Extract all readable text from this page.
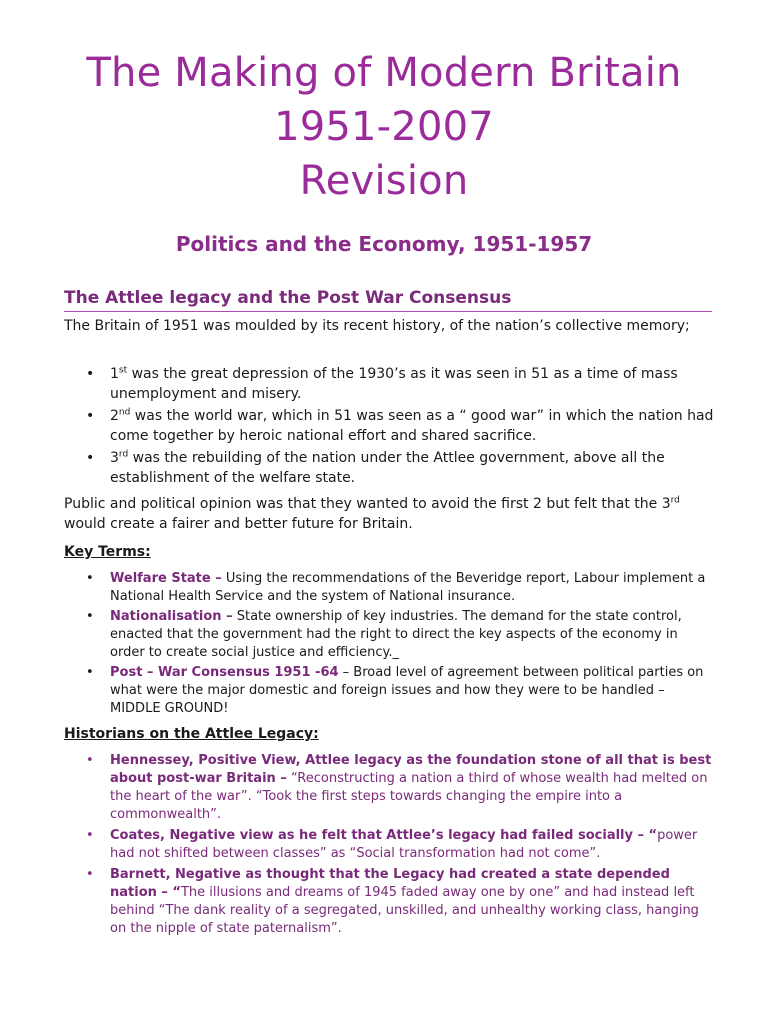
The Making of Modern Britain
1951-2007
Revision
Politics and the Economy, 1951-1957
The Attlee legacy and the Post War Consensus
The Britain of 1951 was moulded by its recent history, of the nation’s collective memory;
• 1st was the great depression of the 1930’s as it was seen in 51 as a time of mass unemployment and misery.
• 2nd was the world war, which in 51 was seen as a “ good war” in which the nation had come together by heroic national effort and shared sacrifice.
• 3rd was the rebuilding of the nation under the Attlee government, above all the establishment of the welfare state.
Public and political opinion was that they wanted to avoid the first 2 but felt that the 3rd would create a fairer and better future for Britain.
Key Terms:
• Welfare State – Using the recommendations of the Beveridge report, Labour implement a National Health Service and the system of National insurance.
• Nationalisation – State ownership of key industries. The demand for the state control, enacted that the government had the right to direct the key aspects of the economy in order to create social justice and efficiency._
• Post – War Consensus 1951 -64 – Broad level of agreement between political parties on what were the major domestic and foreign issues and how they were to be handled – MIDDLE GROUND!
Historians on the Attlee Legacy:
• Hennessey, Positive View, Attlee legacy as the foundation stone of all that is best about post-war Britain – “Reconstructing a nation a third of whose wealth had melted on the heart of the war”. “Took the first steps towards changing the empire into a commonwealth”.
• Coates, Negative view as he felt that Attlee’s legacy had failed socially – “power had not shifted between classes” as “Social transformation had not come”.
• Barnett, Negative as thought that the Legacy had created a state depended nation – “The illusions and dreams of 1945 faded away one by one” and had instead left behind “The dank reality of a segregated, unskilled, and unhealthy working class, hanging on the nipple of state paternalism”.
